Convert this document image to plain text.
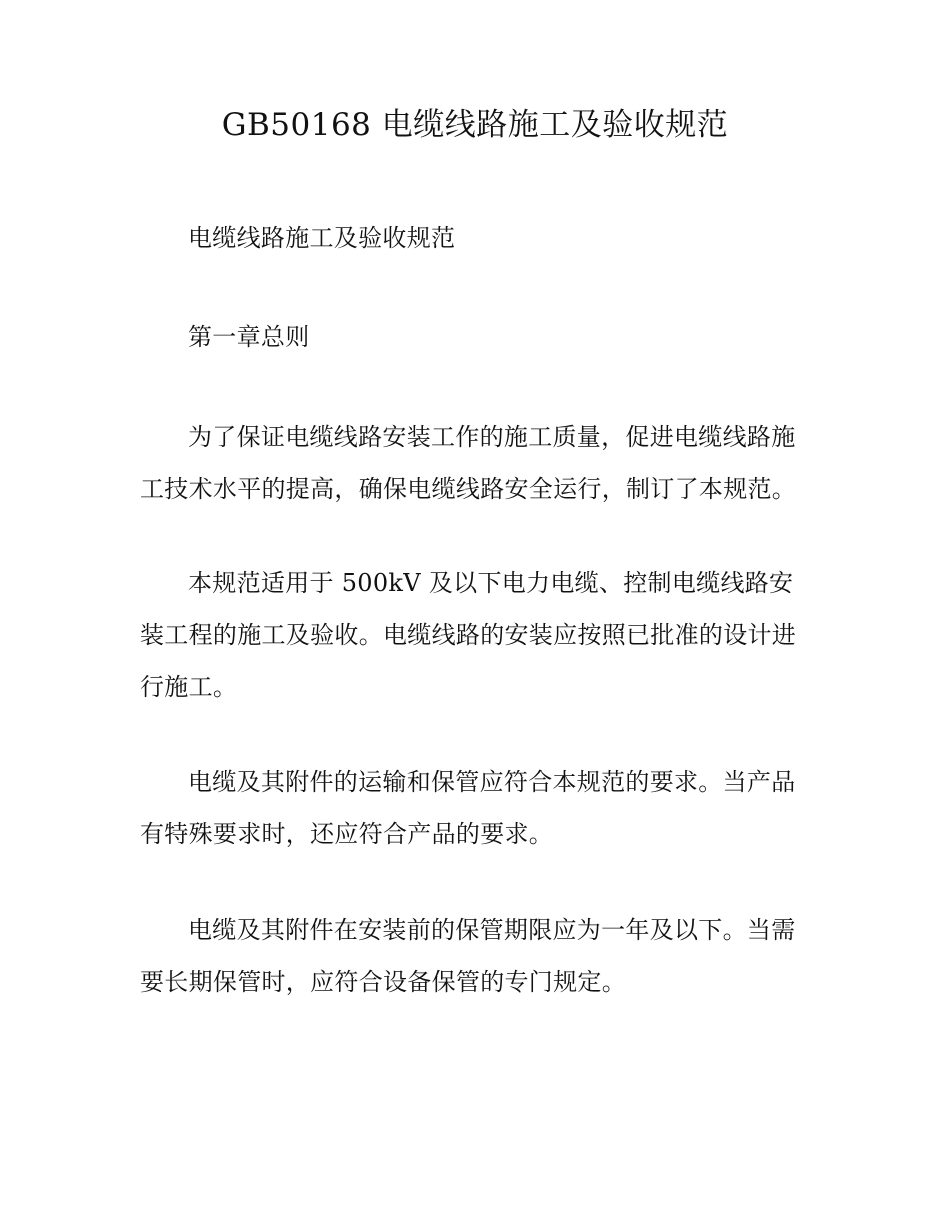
GB50168 电缆线路施工及验收规范

电缆线路施工及验收规范

第一章总则

为了保证电缆线路安装工作的施工质量，促进电缆线路施工技术水平的提高，确保电缆线路安全运行，制订了本规范。

本规范适用于 500kV 及以下电力电缆、控制电缆线路安装工程的施工及验收。电缆线路的安装应按照已批准的设计进行施工。

电缆及其附件的运输和保管应符合本规范的要求。当产品有特殊要求时，还应符合产品的要求。

电缆及其附件在安装前的保管期限应为一年及以下。当需要长期保管时，应符合设备保管的专门规定。
